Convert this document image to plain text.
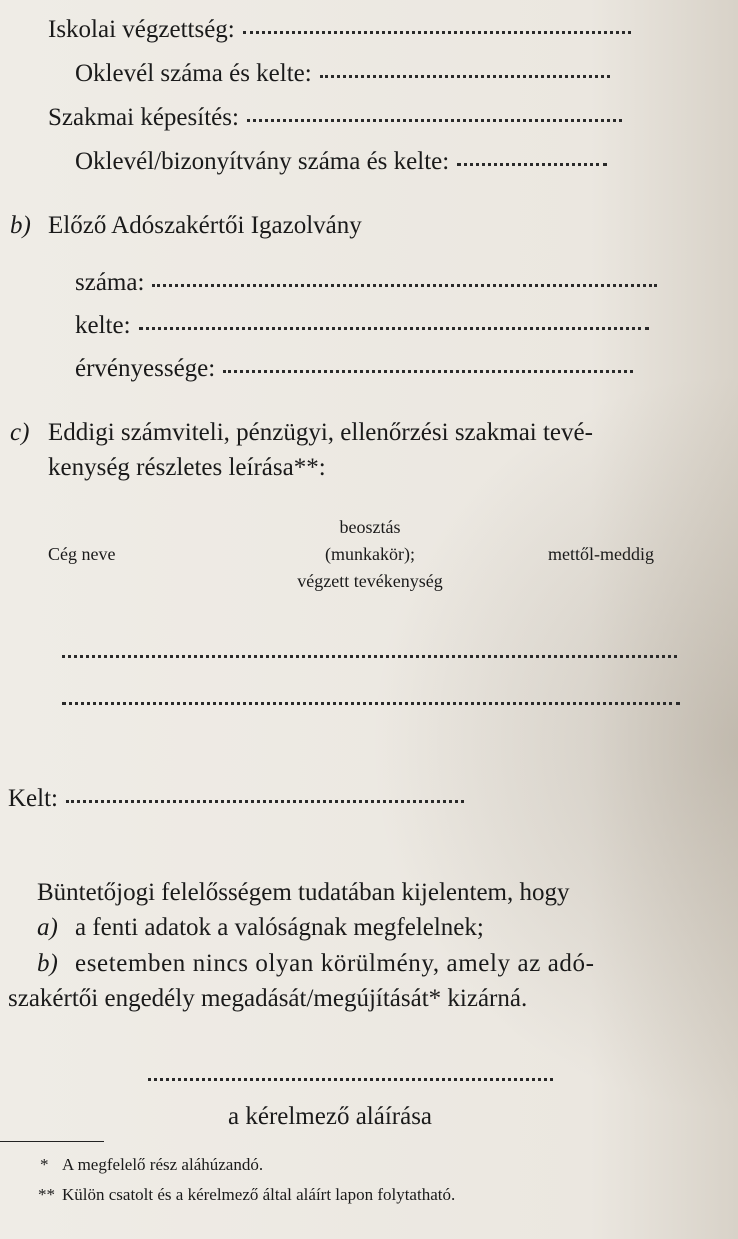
Iskolai végzettség:
Oklevél száma és kelte:
Szakmai képesítés:
Oklevél/bizonyítvány száma és kelte:
b) Előző Adószakértői Igazolvány
száma:
kelte:
érvényessége:
c) Eddigi számviteli, pénzügyi, ellenőrzési szakmai tevé-
kenység részletes leírása**:
Cég neve
beosztás
(munkakör);
végzett tevékenység
mettől-meddig
Kelt:
Büntetőjogi felelősségem tudatában kijelentem, hogy
a) a fenti adatok a valóságnak megfelelnek;
b) esetemben nincs olyan körülmény, amely az adó-
szakértői engedély megadását/megújítását* kizárná.
a kérelmező aláírása
* A megfelelő rész aláhúzandó.
** Külön csatolt és a kérelmező által aláírt lapon folytatható.
